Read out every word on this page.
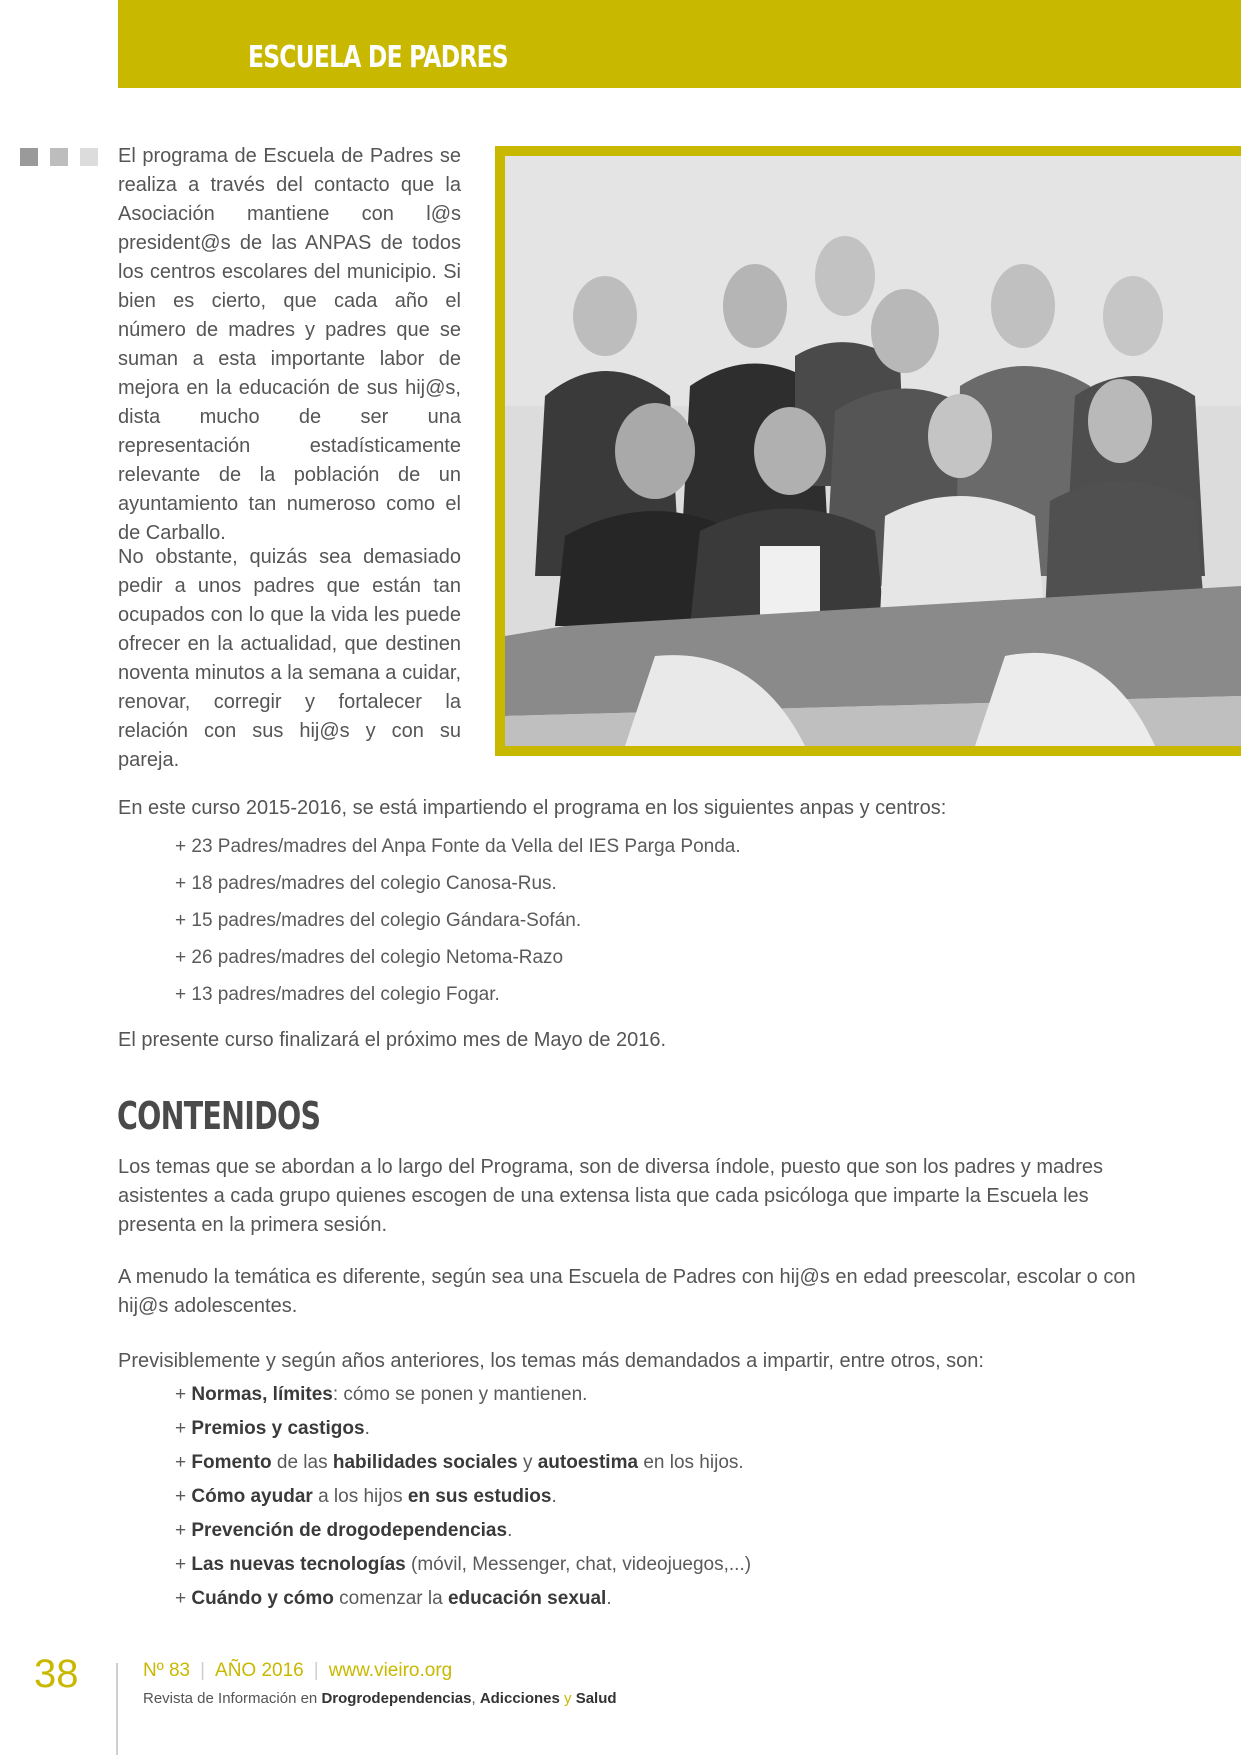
ESCUELA DE PADRES
El programa de Escuela de Padres se realiza a través del contacto que la Asociación mantiene con l@s president@s de las ANPAS de todos los centros escolares del municipio. Si bien es cierto, que cada año el número de madres y padres que se suman a esta importante labor de mejora en la educación de sus hij@s, dista mucho de ser una representación estadísticamente relevante de la población de un ayuntamiento tan numeroso como el de Carballo.
No obstante, quizás sea demasiado pedir a unos padres que están tan ocupados con lo que la vida les puede ofrecer en la actualidad, que destinen noventa minutos a la semana a cuidar, renovar, corregir y fortalecer la relación con sus hij@s y con su pareja.
En este curso 2015-2016, se está impartiendo el programa en los siguientes anpas y centros:
+ 23 Padres/madres del Anpa Fonte da Vella del IES Parga Ponda.
+ 18 padres/madres del colegio Canosa-Rus.
+ 15 padres/madres del colegio Gándara-Sofán.
+ 26 padres/madres del colegio Netoma-Razo
+ 13 padres/madres del colegio Fogar.
El presente curso finalizará el próximo mes de Mayo de 2016.
CONTENIDOS
Los temas que se abordan a lo largo del Programa, son de diversa índole, puesto que son los padres y madres asistentes a cada grupo quienes escogen de una extensa lista que cada psicóloga que imparte la Escuela les presenta en la primera sesión.
A menudo la temática es diferente, según sea una Escuela de Padres con hij@s en edad preescolar, escolar o con hij@s adolescentes.
Previsiblemente y según años anteriores, los temas más demandados a impartir, entre otros, son:
+ Normas, límites: cómo se ponen y mantienen.
+ Premios y castigos.
+ Fomento de las habilidades sociales y autoestima en los hijos.
+ Cómo ayudar a los hijos en sus estudios.
+ Prevención de drogodependencias.
+ Las nuevas tecnologías (móvil, Messenger, chat, videojuegos,...)
+ Cuándo y cómo comenzar la educación sexual.
38	Nº 83 | AÑO 2016 | www.vieiro.org
Revista de Información en Drogrodependencias, Adicciones y Salud
